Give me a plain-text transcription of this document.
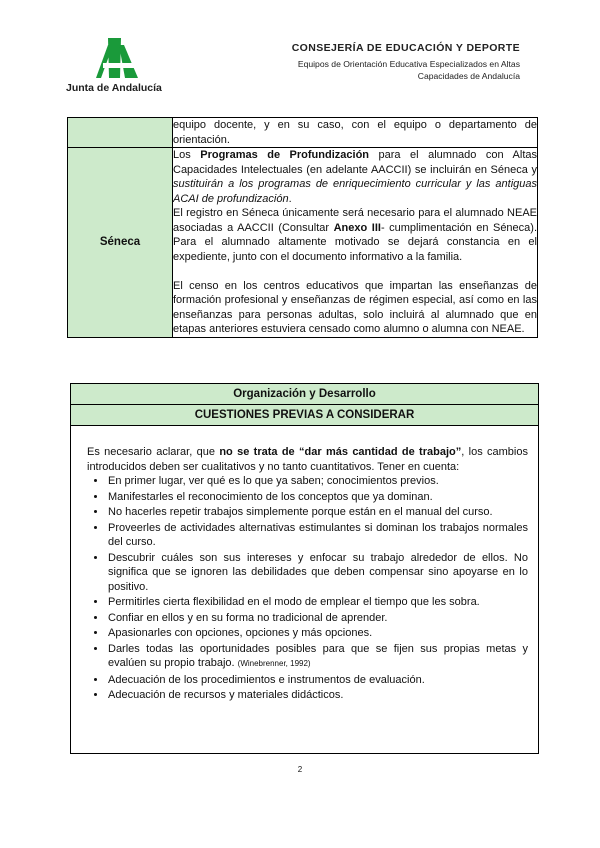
Junta de Andalucía
CONSEJERÍA DE EDUCACIÓN Y DEPORTE
Equipos de Orientación Educativa Especializados en Altas
Capacidades de Andalucía
	equipo docente, y en su caso, con el equipo o departamento de orientación.
Séneca	Los Programas de Profundización para el alumnado con Altas Capacidades Intelectuales (en adelante AACCII) se incluirán en Séneca y sustituirán a los programas de enriquecimiento curricular y las antiguas ACAI de profundización.
El registro en Séneca únicamente será necesario para el alumnado NEAE asociadas a AACCII (Consultar Anexo III- cumplimentación en Séneca). Para el alumnado altamente motivado se dejará constancia en el expediente, junto con el documento informativo a la familia.
El censo en los centros educativos que impartan las enseñanzas de formación profesional y enseñanzas de régimen especial, así como en las enseñanzas para personas adultas, solo incluirá al alumnado que en etapas anteriores estuviera censado como alumno o alumna con NEAE.
Organización y Desarrollo
CUESTIONES PREVIAS A CONSIDERAR

Es necesario aclarar, que no se trata de “dar más cantidad de trabajo”, los cambios introducidos deben ser cualitativos y no tanto cuantitativos. Tener en cuenta:

• En primer lugar, ver qué es lo que ya saben; conocimientos previos.
• Manifestarles el reconocimiento de los conceptos que ya dominan.
• No hacerles repetir trabajos simplemente porque están en el manual del curso.
• Proveerles de actividades alternativas estimulantes si dominan los trabajos normales del curso.
• Descubrir cuáles son sus intereses y enfocar su trabajo alrededor de ellos. No significa que se ignoren las debilidades que deben compensar sino apoyarse en lo positivo.
• Permitirles cierta flexibilidad en el modo de emplear el tiempo que les sobra.
• Confiar en ellos y en su forma no tradicional de aprender.
• Apasionarles con opciones, opciones y más opciones.
• Darles todas las oportunidades posibles para que se fijen sus propias metas y evalúen su propio trabajo. (Winebrenner, 1992)
• Adecuación de los procedimientos e instrumentos de evaluación.
• Adecuación de recursos y materiales didácticos.
2
